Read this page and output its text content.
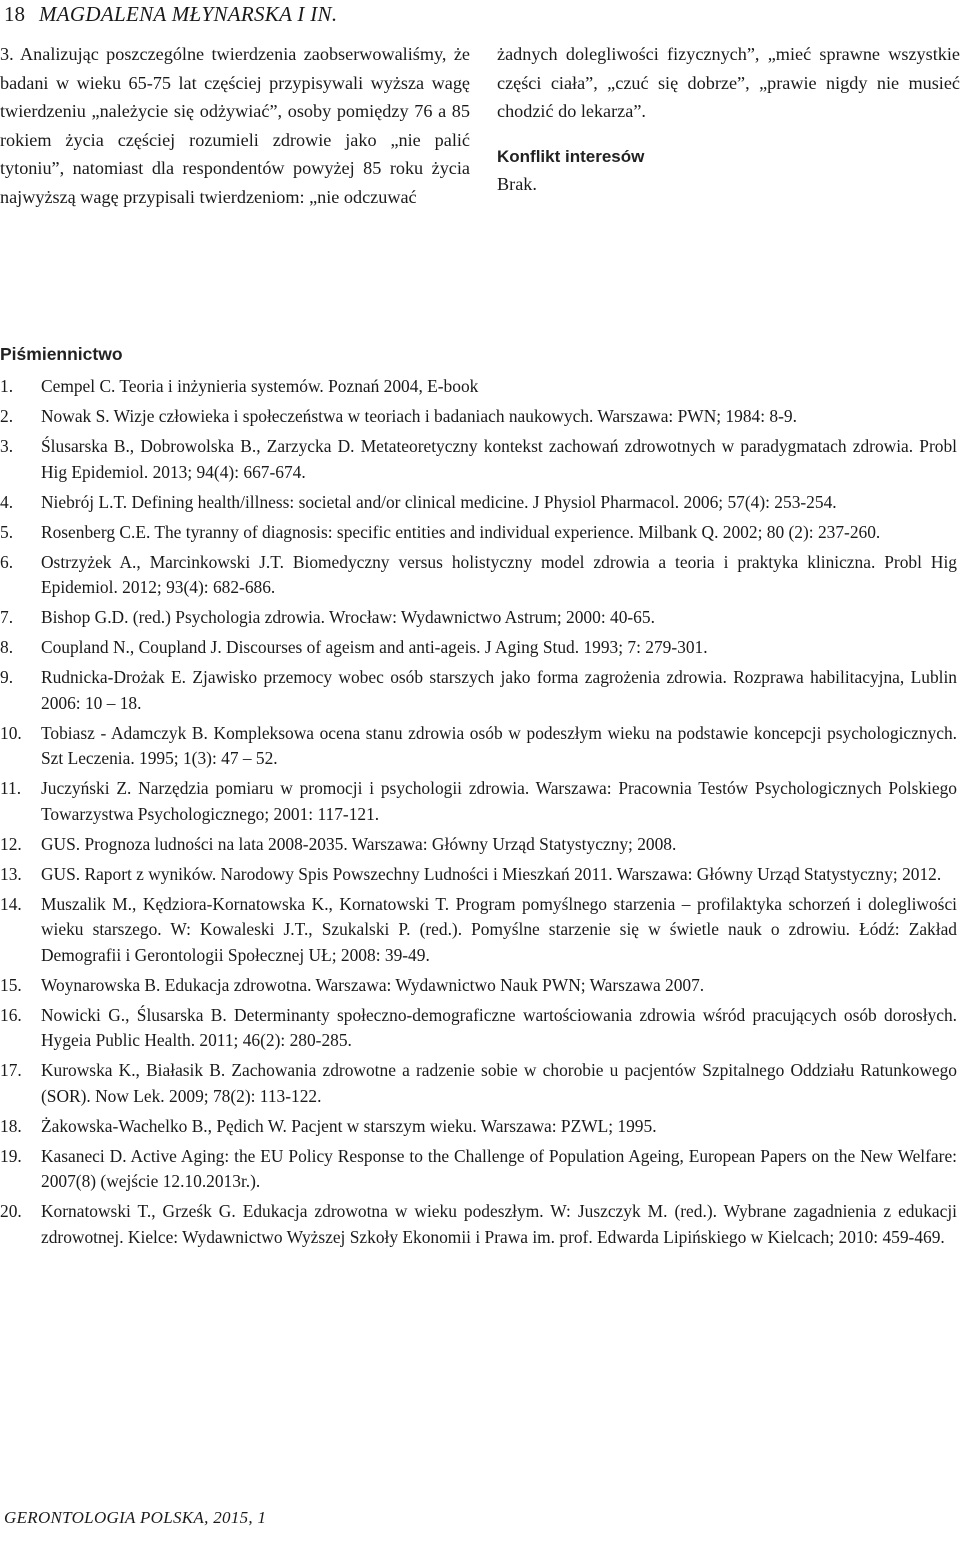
18 MAGDALENA MŁYNARSKA I IN.
3. Analizując poszczególne twierdzenia zaobserwowaliśmy, że badani w wieku 65-75 lat częściej przypisywali wyższa wagę twierdzeniu „należycie się odżywiać”, osoby pomiędzy 76 a 85 rokiem życia częściej rozumieli zdrowie jako „nie palić tytoniu”, natomiast dla respondentów powyżej 85 roku życia najwyższą wagę przypisali twierdzeniom: „nie odczuwać
żadnych dolegliwości fizycznych”, „mieć sprawne wszystkie części ciała”, „czuć się dobrze”, „prawie nigdy nie musieć chodzić do lekarza”.
Konflikt interesów
Brak.
Piśmiennictwo
1.	Cempel C. Teoria i inżynieria systemów. Poznań 2004, E-book
2.	Nowak S. Wizje człowieka i społeczeństwa w teoriach i badaniach naukowych. Warszawa: PWN; 1984: 8-9.
3.	Ślusarska B., Dobrowolska B., Zarzycka D. Metateoretyczny kontekst zachowań zdrowotnych w paradygmatach zdrowia. Probl Hig Epidemiol. 2013; 94(4): 667-674.
4.	Niebrój L.T. Defining health/illness: societal and/or clinical medicine. J Physiol Pharmacol. 2006; 57(4): 253-254.
5.	Rosenberg C.E. The tyranny of diagnosis: specific entities and individual experience. Milbank Q. 2002; 80 (2): 237-260.
6.	Ostrzyżek A., Marcinkowski J.T. Biomedyczny versus holistyczny model zdrowia a teoria i praktyka kliniczna. Probl Hig Epidemiol. 2012; 93(4): 682-686.
7.	Bishop G.D. (red.) Psychologia zdrowia. Wrocław: Wydawnictwo Astrum; 2000: 40-65.
8.	Coupland N., Coupland J. Discourses of ageism and anti-ageis. J Aging Stud. 1993; 7: 279-301.
9.	Rudnicka-Drożak E. Zjawisko przemocy wobec osób starszych jako forma zagrożenia zdrowia. Rozprawa habilitacyjna, Lublin 2006: 10 – 18.
10.	Tobiasz - Adamczyk B. Kompleksowa ocena stanu zdrowia osób w podeszłym wieku na podstawie koncepcji psychologicznych. Szt Leczenia. 1995; 1(3): 47 – 52.
11.	Juczyński Z. Narzędzia pomiaru w promocji i psychologii zdrowia. Warszawa: Pracownia Testów Psychologicznych Polskiego Towarzystwa Psychologicznego; 2001: 117-121.
12.	GUS. Prognoza ludności na lata 2008-2035. Warszawa: Główny Urząd Statystyczny; 2008.
13.	GUS. Raport z wyników. Narodowy Spis Powszechny Ludności i Mieszkań 2011. Warszawa: Główny Urząd Statystyczny; 2012.
14.	Muszalik M., Kędziora-Kornatowska K., Kornatowski T. Program pomyślnego starzenia – profilaktyka schorzeń i dolegliwości wieku starszego. W: Kowaleski J.T., Szukalski P. (red.). Pomyślne starzenie się w świetle nauk o zdrowiu. Łódź: Zakład Demografii i Gerontologii Społecznej UŁ; 2008: 39-49.
15.	Woynarowska B. Edukacja zdrowotna. Warszawa: Wydawnictwo Nauk PWN; Warszawa 2007.
16.	Nowicki G., Ślusarska B. Determinanty społeczno-demograficzne wartościowania zdrowia wśród pracujących osób dorosłych. Hygeia Public Health. 2011; 46(2): 280-285.
17.	Kurowska K., Białasik B. Zachowania zdrowotne a radzenie sobie w chorobie u pacjentów Szpitalnego Oddziału Ratunkowego (SOR). Now Lek. 2009; 78(2): 113-122.
18.	Żakowska-Wachelko B., Pędich W. Pacjent w starszym wieku. Warszawa: PZWL; 1995.
19.	Kasaneci D. Active Aging: the EU Policy Response to the Challenge of Population Ageing, European Papers on the New Welfare: 2007(8) (wejście 12.10.2013r.).
20.	Kornatowski T., Grześk G. Edukacja zdrowotna w wieku podeszłym. W: Juszczyk M. (red.). Wybrane zagadnienia z edukacji zdrowotnej. Kielce: Wydawnictwo Wyższej Szkoły Ekonomii i Prawa im. prof. Edwarda Lipińskiego w Kielcach; 2010: 459-469.
GERONTOLOGIA POLSKA, 2015, 1
